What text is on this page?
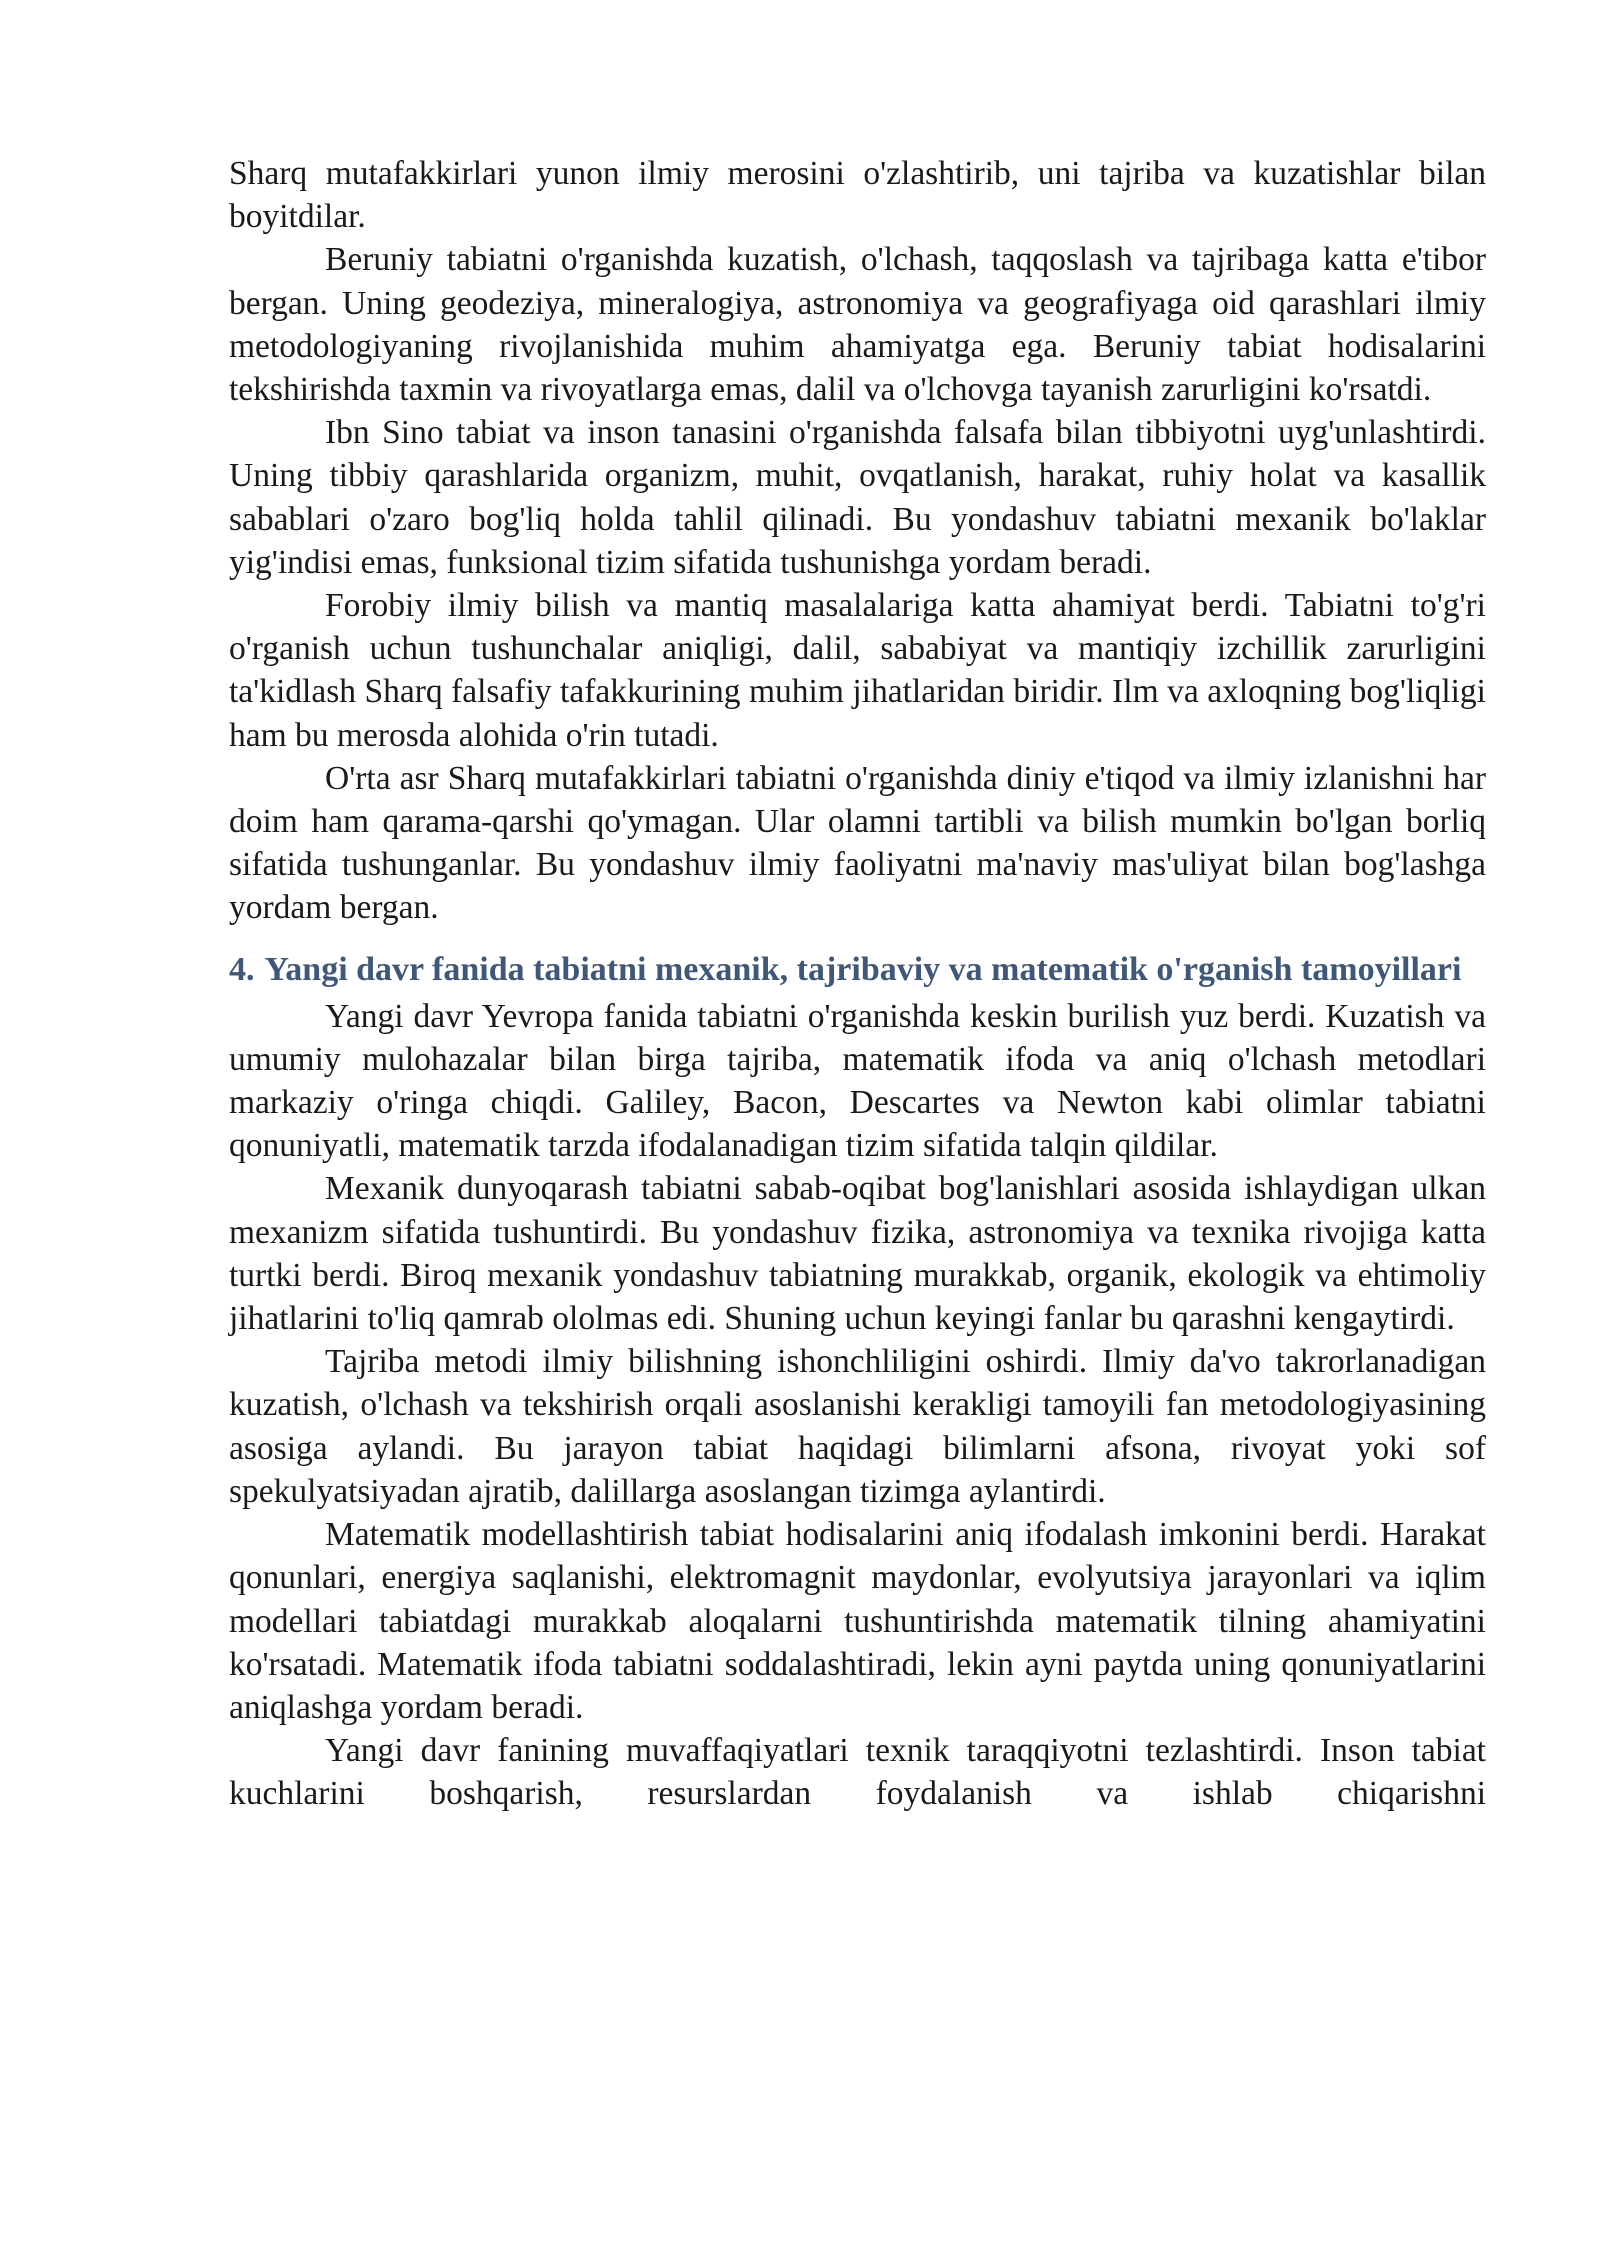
Sharq mutafakkirlari yunon ilmiy merosini o'zlashtirib, uni tajriba va kuzatishlar bilan boyitdilar.

Beruniy tabiatni o'rganishda kuzatish, o'lchash, taqqoslash va tajribaga katta e'tibor bergan. Uning geodeziya, mineralogiya, astronomiya va geografiyaga oid qarashlari ilmiy metodologiyaning rivojlanishida muhim ahamiyatga ega. Beruniy tabiat hodisalarini tekshirishda taxmin va rivoyatlarga emas, dalil va o'lchovga tayanish zarurligini ko'rsatdi.

Ibn Sino tabiat va inson tanasini o'rganishda falsafa bilan tibbiyotni uyg'unlashtirdi. Uning tibbiy qarashlarida organizm, muhit, ovqatlanish, harakat, ruhiy holat va kasallik sabablari o'zaro bog'liq holda tahlil qilinadi. Bu yondashuv tabiatni mexanik bo'laklar yig'indisi emas, funksional tizim sifatida tushunishga yordam beradi.

Forobiy ilmiy bilish va mantiq masalalariga katta ahamiyat berdi. Tabiatni to'g'ri o'rganish uchun tushunchalar aniqligi, dalil, sababiyat va mantiqiy izchillik zarurligini ta'kidlash Sharq falsafiy tafakkurining muhim jihatlaridan biridir. Ilm va axloqning bog'liqligi ham bu merosda alohida o'rin tutadi.

O'rta asr Sharq mutafakkirlari tabiatni o'rganishda diniy e'tiqod va ilmiy izlanishni har doim ham qarama-qarshi qo'ymagan. Ular olamni tartibli va bilish mumkin bo'lgan borliq sifatida tushunganlar. Bu yondashuv ilmiy faoliyatni ma'naviy mas'uliyat bilan bog'lashga yordam bergan.

4. Yangi davr fanida tabiatni mexanik, tajribaviy va matematik o'rganish tamoyillari

Yangi davr Yevropa fanida tabiatni o'rganishda keskin burilish yuz berdi. Kuzatish va umumiy mulohazalar bilan birga tajriba, matematik ifoda va aniq o'lchash metodlari markaziy o'ringa chiqdi. Galiley, Bacon, Descartes va Newton kabi olimlar tabiatni qonuniyatli, matematik tarzda ifodalanadigan tizim sifatida talqin qildilar.

Mexanik dunyoqarash tabiatni sabab-oqibat bog'lanishlari asosida ishlaydigan ulkan mexanizm sifatida tushuntirdi. Bu yondashuv fizika, astronomiya va texnika rivojiga katta turtki berdi. Biroq mexanik yondashuv tabiatning murakkab, organik, ekologik va ehtimoliy jihatlarini to'liq qamrab ololmas edi. Shuning uchun keyingi fanlar bu qarashni kengaytirdi.

Tajriba metodi ilmiy bilishning ishonchliligini oshirdi. Ilmiy da'vo takrorlanadigan kuzatish, o'lchash va tekshirish orqali asoslanishi kerakligi tamoyili fan metodologiyasining asosiga aylandi. Bu jarayon tabiat haqidagi bilimlarni afsona, rivoyat yoki sof spekulyatsiyadan ajratib, dalillarga asoslangan tizimga aylantirdi.

Matematik modellashtirish tabiat hodisalarini aniq ifodalash imkonini berdi. Harakat qonunlari, energiya saqlanishi, elektromagnit maydonlar, evolyutsiya jarayonlari va iqlim modellari tabiatdagi murakkab aloqalarni tushuntirishda matematik tilning ahamiyatini ko'rsatadi. Matematik ifoda tabiatni soddalashtiradi, lekin ayni paytda uning qonuniyatlarini aniqlashga yordam beradi.

Yangi davr fanining muvaffaqiyatlari texnik taraqqiyotni tezlashtirdi. Inson tabiat kuchlarini boshqarish, resurslardan foydalanish va ishlab chiqarishni
